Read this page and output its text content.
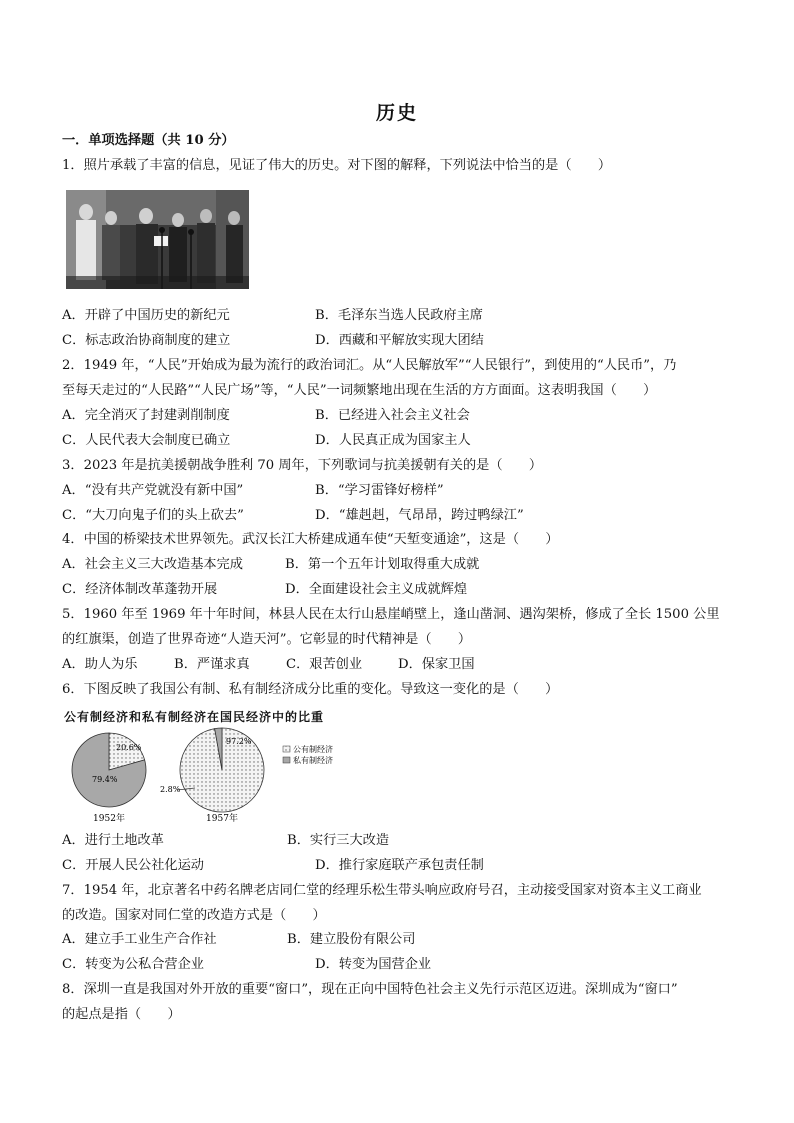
历史
一．单项选择题（共 10 分）
1．照片承载了丰富的信息，见证了伟大的历史。对下图的解释，下列说法中恰当的是（　　）
A．开辟了中国历史的新纪元	B．毛泽东当选人民政府主席
C．标志政治协商制度的建立	D．西藏和平解放实现大团结
2．1949 年，“人民”开始成为最为流行的政治词汇。从“人民解放军”“人民银行”，到使用的“人民币”，乃
至每天走过的“人民路”“人民广场”等，“人民”一词频繁地出现在生活的方方面面。这表明我国（　　）
A．完全消灭了封建剥削制度	B．已经进入社会主义社会
C．人民代表大会制度已确立	D．人民真正成为国家主人
3．2023 年是抗美援朝战争胜利 70 周年，下列歌词与抗美援朝有关的是（　　）
A．“没有共产党就没有新中国”	B．“学习雷锋好榜样”
C．“大刀向鬼子们的头上砍去”	D．“雄赳赳，气昂昂，跨过鸭绿江”
4．中国的桥梁技术世界领先。武汉长江大桥建成通车使“天堑变通途”，这是（　　）
A．社会主义三大改造基本完成	B．第一个五年计划取得重大成就
C．经济体制改革蓬勃开展	D．全面建设社会主义成就辉煌
5．1960 年至 1969 年十年时间，林县人民在太行山悬崖峭壁上，逢山凿洞、遇沟架桥，修成了全长 1500 公里
的红旗渠，创造了世界奇迹“人造天河”。它彰显的时代精神是（　　）
A．助人为乐	B．严谨求真	C．艰苦创业	D．保家卫国
6．下图反映了我国公有制、私有制经济成分比重的变化。导致这一变化的是（　　）
公有制经济和私有制经济在国民经济中的比重
1952年	1957年
20.6%
79.4%
97.2%
2.8%
公有制经济
私有制经济
A．进行土地改革	B．实行三大改造
C．开展人民公社化运动	D．推行家庭联产承包责任制
7．1954 年，北京著名中药名牌老店同仁堂的经理乐松生带头响应政府号召，主动接受国家对资本主义工商业
的改造。国家对同仁堂的改造方式是（　　）
A．建立手工业生产合作社	B．建立股份有限公司
C．转变为公私合营企业	D．转变为国营企业
8．深圳一直是我国对外开放的重要“窗口”，现在正向中国特色社会主义先行示范区迈进。深圳成为“窗口”
的起点是指（　　）
